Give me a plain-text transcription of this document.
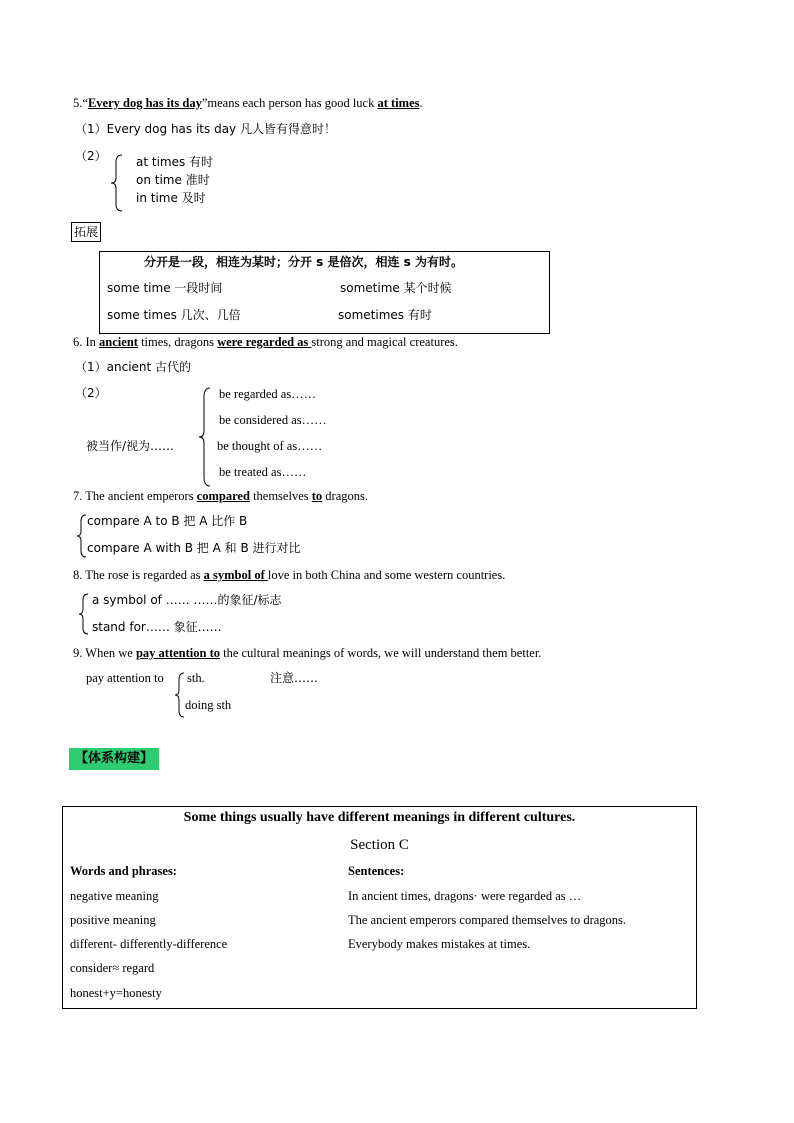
5.“Every dog has its day”means each person has good luck at times.
（1）Every dog has its day 凡人皆有得意时！
（2） at times 有时
on time 准时
in time 及时
拓展
分开是一段，相连为某时；分开 s 是倍次，相连 s 为有时。
some time 一段时间	sometime 某个时候
some times 几次、几倍	sometimes 有时
6. In ancient times, dragons were regarded as strong and magical creatures.
（1）ancient 古代的
（2）
被当作/视为……
be regarded as……
be considered as……
be thought of as……
be treated as……
7. The ancient emperors compared themselves to dragons.
compare A to B 把 A 比作 B
compare A with B 把 A 和 B 进行对比
8. The rose is regarded as a symbol of love in both China and some western countries.
a symbol of …… ……的象征/标志
stand for…… 象征……
9. When we pay attention to the cultural meanings of words, we will understand them better.
pay attention to sth.
doing sth
注意……
【体系构建】
Some things usually have different meanings in different cultures.
Section C
Words and phrases:
negative meaning
positive meaning
different- differently-difference
consider≈ regard
honest+y=honesty
Sentences:
In ancient times, dragons· were regarded as …
The ancient emperors compared themselves to dragons.
Everybody makes mistakes at times.
